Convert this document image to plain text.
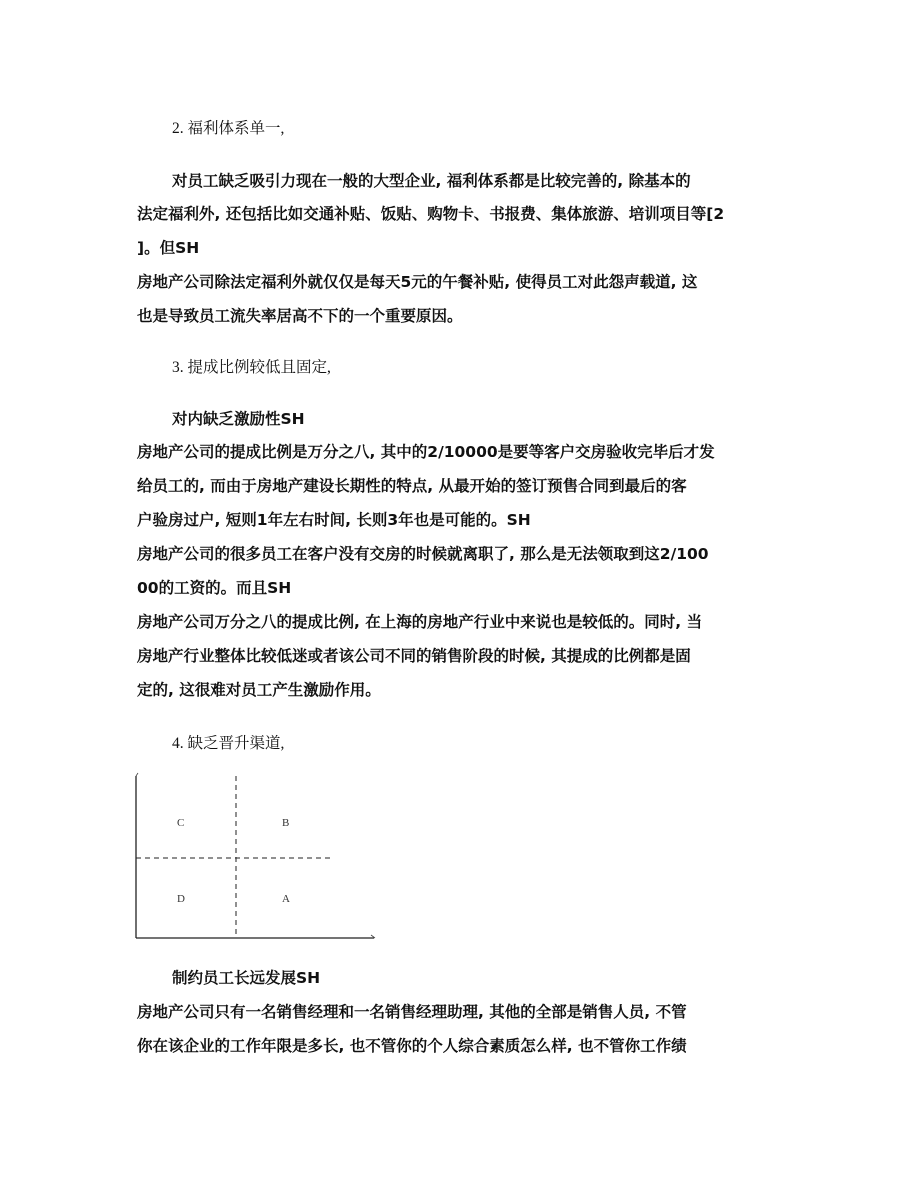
2. 福利体系单一,
对员工缺乏吸引力现在一般的大型企业, 福利体系都是比较完善的, 除基本的
法定福利外, 还包括比如交通补贴、饭贴、购物卡、书报费、集体旅游、培训项目等[2
]。但SH
房地产公司除法定福利外就仅仅是每天5元的午餐补贴, 使得员工对此怨声载道, 这
也是导致员工流失率居高不下的一个重要原因。
3. 提成比例较低且固定,
对内缺乏激励性SH
房地产公司的提成比例是万分之八, 其中的2/10000是要等客户交房验收完毕后才发
给员工的, 而由于房地产建设长期性的特点, 从最开始的签订预售合同到最后的客
户验房过户, 短则1年左右时间, 长则3年也是可能的。SH
房地产公司的很多员工在客户没有交房的时候就离职了, 那么是无法领取到这2/100
00的工资的。而且SH
房地产公司万分之八的提成比例, 在上海的房地产行业中来说也是较低的。同时, 当
房地产行业整体比较低迷或者该公司不同的销售阶段的时候, 其提成的比例都是固
定的, 这很难对员工产生激励作用。
4. 缺乏晋升渠道,
C	B
D	A
制约员工长远发展SH
房地产公司只有一名销售经理和一名销售经理助理, 其他的全部是销售人员, 不管
你在该企业的工作年限是多长, 也不管你的个人综合素质怎么样, 也不管你工作绩
